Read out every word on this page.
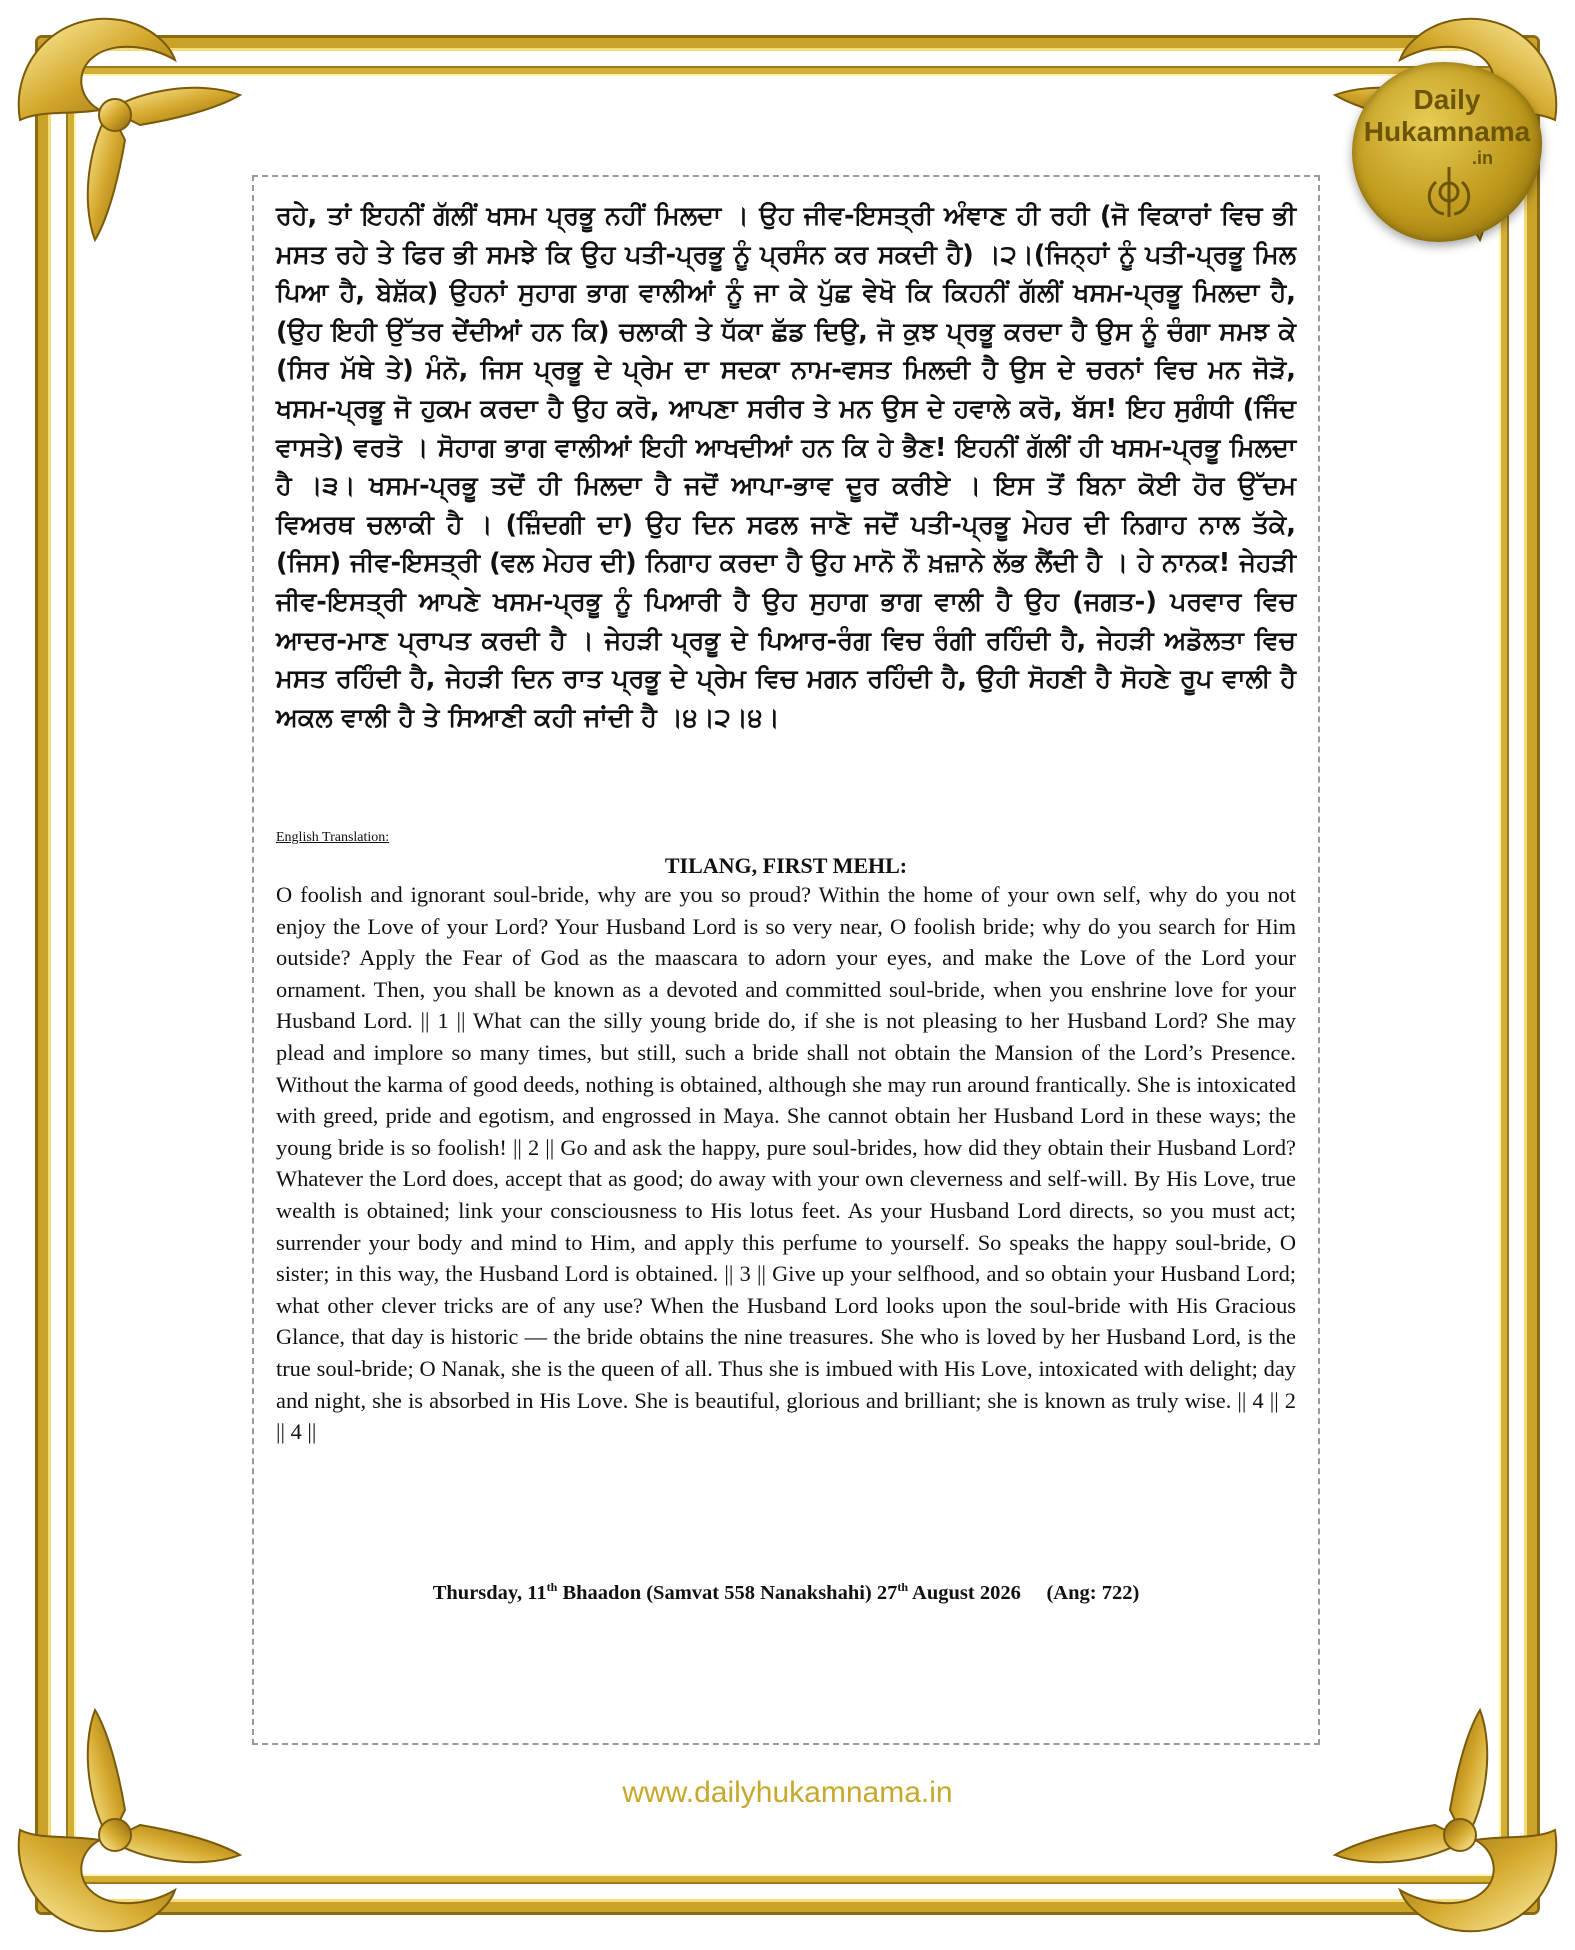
ਰਹੇ, ਤਾਂ ਇਹਨੀਂ ਗੱਲੀਂ ਖਸਮ ਪ੍ਰਭੂ ਨਹੀਂ ਮਿਲਦਾ । ਉਹ ਜੀਵ-ਇਸਤ੍ਰੀ ਅੰਞਾਣ ਹੀ ਰਹੀ (ਜੋ ਵਿਕਾਰਾਂ ਵਿਚ ਭੀ ਮਸਤ ਰਹੇ ਤੇ ਫਿਰ ਭੀ ਸਮਝੇ ਕਿ ਉਹ ਪਤੀ-ਪ੍ਰਭੂ ਨੂੰ ਪ੍ਰਸੰਨ ਕਰ ਸਕਦੀ ਹੈ) ।੨।(ਜਿਨ੍ਹਾਂ ਨੂੰ ਪਤੀ-ਪ੍ਰਭੂ ਮਿਲ ਪਿਆ ਹੈ, ਬੇਸ਼ੱਕ) ਉਹਨਾਂ ਸੁਹਾਗ ਭਾਗ ਵਾਲੀਆਂ ਨੂੰ ਜਾ ਕੇ ਪੁੱਛ ਵੇਖੋ ਕਿ ਕਿਹਨੀਂ ਗੱਲੀਂ ਖਸਮ-ਪ੍ਰਭੂ ਮਿਲਦਾ ਹੈ, (ਉਹ ਇਹੀ ਉੱਤਰ ਦੇਂਦੀਆਂ ਹਨ ਕਿ) ਚਲਾਕੀ ਤੇ ਧੱਕਾ ਛੱਡ ਦਿਉ, ਜੋ ਕੁਝ ਪ੍ਰਭੂ ਕਰਦਾ ਹੈ ਉਸ ਨੂੰ ਚੰਗਾ ਸਮਝ ਕੇ (ਸਿਰ ਮੱਥੇ ਤੇ) ਮੰਨੋ, ਜਿਸ ਪ੍ਰਭੂ ਦੇ ਪ੍ਰੇਮ ਦਾ ਸਦਕਾ ਨਾਮ-ਵਸਤ ਮਿਲਦੀ ਹੈ ਉਸ ਦੇ ਚਰਨਾਂ ਵਿਚ ਮਨ ਜੋੜੋ, ਖਸਮ-ਪ੍ਰਭੂ ਜੋ ਹੁਕਮ ਕਰਦਾ ਹੈ ਉਹ ਕਰੋ, ਆਪਣਾ ਸਰੀਰ ਤੇ ਮਨ ਉਸ ਦੇ ਹਵਾਲੇ ਕਰੋ, ਬੱਸ! ਇਹ ਸੁਗੰਧੀ (ਜਿੰਦ ਵਾਸਤੇ) ਵਰਤੋ । ਸੋਹਾਗ ਭਾਗ ਵਾਲੀਆਂ ਇਹੀ ਆਖਦੀਆਂ ਹਨ ਕਿ ਹੇ ਭੈਣ! ਇਹਨੀਂ ਗੱਲੀਂ ਹੀ ਖਸਮ-ਪ੍ਰਭੂ ਮਿਲਦਾ ਹੈ ।੩। ਖਸਮ-ਪ੍ਰਭੂ ਤਦੋਂ ਹੀ ਮਿਲਦਾ ਹੈ ਜਦੋਂ ਆਪਾ-ਭਾਵ ਦੂਰ ਕਰੀਏ । ਇਸ ਤੋਂ ਬਿਨਾ ਕੋਈ ਹੋਰ ਉੱਦਮ ਵਿਅਰਥ ਚਲਾਕੀ ਹੈ । (ਜ਼ਿੰਦਗੀ ਦਾ) ਉਹ ਦਿਨ ਸਫਲ ਜਾਣੋ ਜਦੋਂ ਪਤੀ-ਪ੍ਰਭੂ ਮੇਹਰ ਦੀ ਨਿਗਾਹ ਨਾਲ ਤੱਕੇ, (ਜਿਸ) ਜੀਵ-ਇਸਤ੍ਰੀ (ਵਲ ਮੇਹਰ ਦੀ) ਨਿਗਾਹ ਕਰਦਾ ਹੈ ਉਹ ਮਾਨੋ ਨੌ ਖ਼ਜ਼ਾਨੇ ਲੱਭ ਲੈਂਦੀ ਹੈ । ਹੇ ਨਾਨਕ! ਜੇਹੜੀ ਜੀਵ-ਇਸਤ੍ਰੀ ਆਪਣੇ ਖਸਮ-ਪ੍ਰਭੂ ਨੂੰ ਪਿਆਰੀ ਹੈ ਉਹ ਸੁਹਾਗ ਭਾਗ ਵਾਲੀ ਹੈ ਉਹ (ਜਗਤ-) ਪਰਵਾਰ ਵਿਚ ਆਦਰ-ਮਾਣ ਪ੍ਰਾਪਤ ਕਰਦੀ ਹੈ । ਜੇਹੜੀ ਪ੍ਰਭੂ ਦੇ ਪਿਆਰ-ਰੰਗ ਵਿਚ ਰੰਗੀ ਰਹਿੰਦੀ ਹੈ, ਜੇਹੜੀ ਅਡੋਲਤਾ ਵਿਚ ਮਸਤ ਰਹਿੰਦੀ ਹੈ, ਜੇਹੜੀ ਦਿਨ ਰਾਤ ਪ੍ਰਭੂ ਦੇ ਪ੍ਰੇਮ ਵਿਚ ਮਗਨ ਰਹਿੰਦੀ ਹੈ, ਉਹੀ ਸੋਹਣੀ ਹੈ ਸੋਹਣੇ ਰੂਪ ਵਾਲੀ ਹੈ ਅਕਲ ਵਾਲੀ ਹੈ ਤੇ ਸਿਆਣੀ ਕਹੀ ਜਾਂਦੀ ਹੈ ।੪।੨।੪।

English Translation:
TILANG, FIRST MEHL:

O foolish and ignorant soul-bride, why are you so proud? Within the home of your own self, why do you not enjoy the Love of your Lord? Your Husband Lord is so very near, O foolish bride; why do you search for Him outside? Apply the Fear of God as the maascara to adorn your eyes, and make the Love of the Lord your ornament. Then, you shall be known as a devoted and committed soul-bride, when you enshrine love for your Husband Lord. || 1 || What can the silly young bride do, if she is not pleasing to her Husband Lord? She may plead and implore so many times, but still, such a bride shall not obtain the Mansion of the Lord’s Presence. Without the karma of good deeds, nothing is obtained, although she may run around frantically. She is intoxicated with greed, pride and egotism, and engrossed in Maya. She cannot obtain her Husband Lord in these ways; the young bride is so foolish! || 2 || Go and ask the happy, pure soul-brides, how did they obtain their Husband Lord? Whatever the Lord does, accept that as good; do away with your own cleverness and self-will. By His Love, true wealth is obtained; link your consciousness to His lotus feet. As your Husband Lord directs, so you must act; surrender your body and mind to Him, and apply this perfume to yourself. So speaks the happy soul-bride, O sister; in this way, the Husband Lord is obtained. || 3 || Give up your selfhood, and so obtain your Husband Lord; what other clever tricks are of any use? When the Husband Lord looks upon the soul-bride with His Gracious Glance, that day is historic — the bride obtains the nine treasures. She who is loved by her Husband Lord, is the true soul-bride; O Nanak, she is the queen of all. Thus she is imbued with His Love, intoxicated with delight; day and night, she is absorbed in His Love. She is beautiful, glorious and brilliant; she is known as truly wise. || 4 || 2 || 4 ||

Thursday, 11th Bhaadon (Samvat 558 Nanakshahi) 27th August 2026 (Ang: 722)
Daily
Hukamnama
.in
www.dailyhukamnama.in
